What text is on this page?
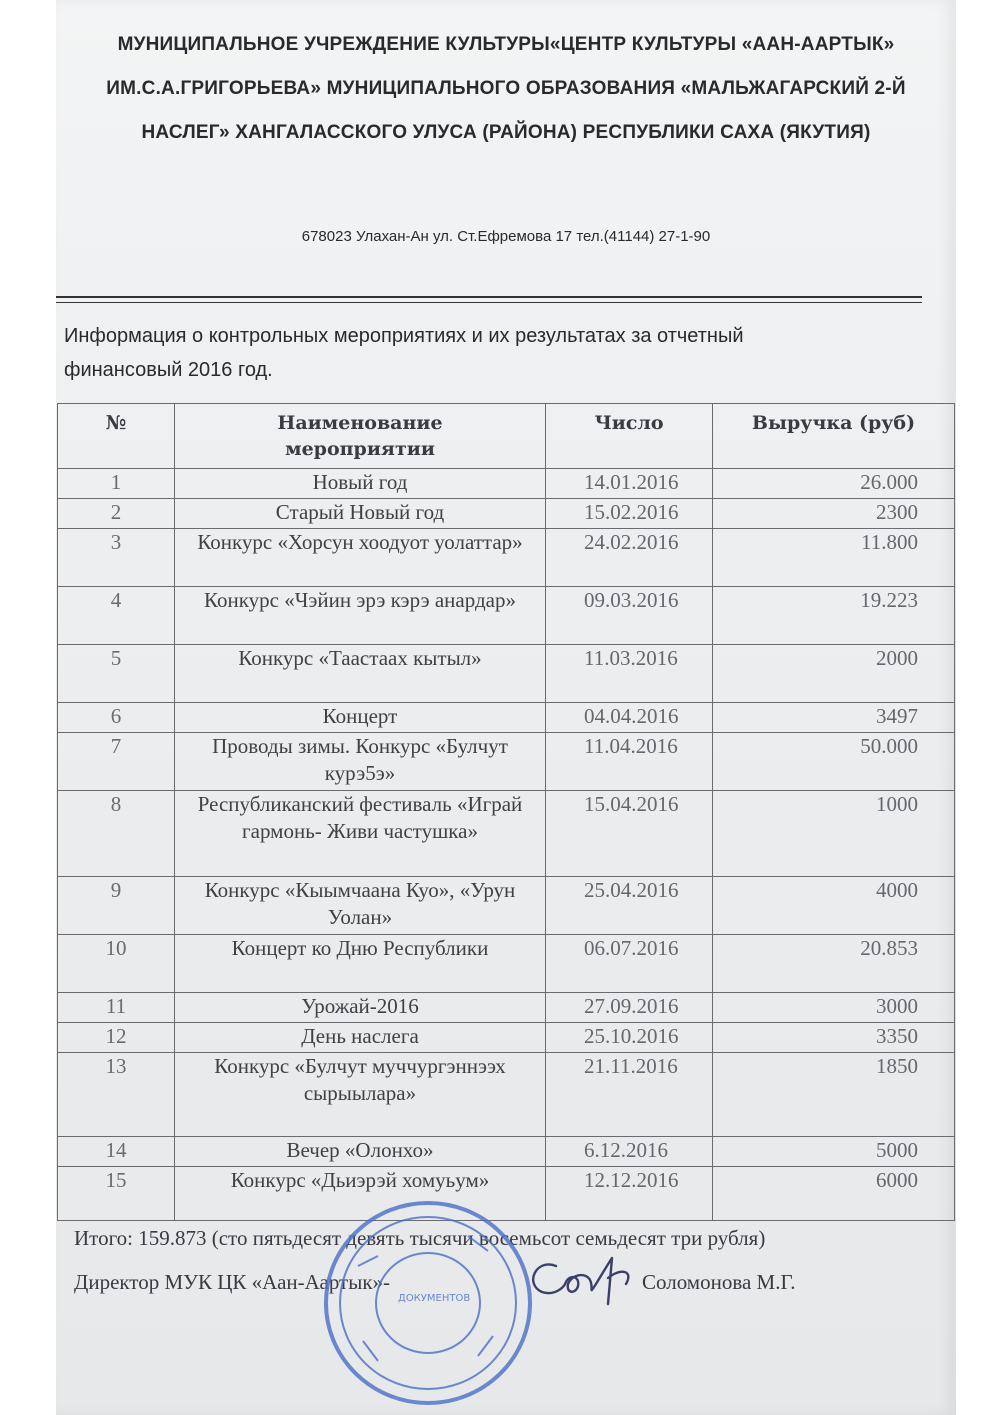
МУНИЦИПАЛЬНОЕ УЧРЕЖДЕНИЕ КУЛЬТУРЫ«ЦЕНТР КУЛЬТУРЫ «ААН-ААРТЫК»
ИМ.С.А.ГРИГОРЬЕВА» МУНИЦИПАЛЬНОГО ОБРАЗОВАНИЯ «МАЛЬЖАГАРСКИЙ 2-Й
НАСЛЕГ» ХАНГАЛАССКОГО УЛУСА (РАЙОНА) РЕСПУБЛИКИ САХА (ЯКУТИЯ)
678023 Улахан-Ан ул. Ст.Ефремова 17 тел.(41144) 27-1-90
Информация о контрольных мероприятиях и их результатах за отчетный
финансовый 2016 год.
№	Наименование мероприятии	Число	Выручка (руб)
1	Новый год	14.01.2016	26.000
2	Старый Новый год	15.02.2016	2300
3	Конкурс «Хорсун хоодуот уолаттар»	24.02.2016	11.800
4	Конкурс «Чэйин эрэ кэрэ анардар»	09.03.2016	19.223
5	Конкурс «Таастаах кытыл»	11.03.2016	2000
6	Концерт	04.04.2016	3497
7	Проводы зимы. Конкурс «Булчут курэ5э»	11.04.2016	50.000
8	Республиканский фестиваль «Играй гармонь- Живи частушка»	15.04.2016	1000
9	Конкурс «Кыымчаана Куо», «Урун Уолан»	25.04.2016	4000
10	Концерт ко Дню Республики	06.07.2016	20.853
11	Урожай-2016	27.09.2016	3000
12	День наслега	25.10.2016	3350
13	Конкурс «Булчут муччургэннээх сырыылара»	21.11.2016	1850
14	Вечер «Олонхо»	6.12.2016	5000
15	Конкурс «Дьиэрэй хомуьум»	12.12.2016	6000
Итого: 159.873 (сто пятьдесят девять тысячи восемьсот семьдесят три рубля)
Директор МУК ЦК «Аан-Аартык»-	Соломонова М.Г.
ДОКУМЕНТОВ
